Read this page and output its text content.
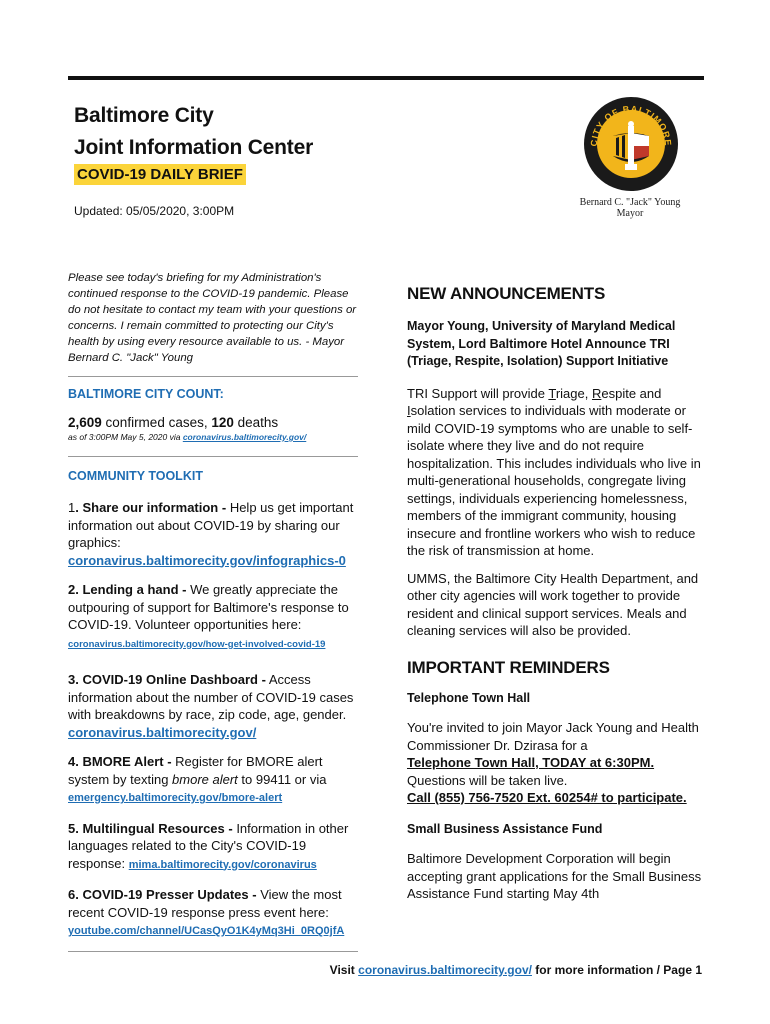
Baltimore City
Joint Information Center
COVID-19 DAILY BRIEF
Updated: 05/05/2020, 3:00PM
CITY OF BALTIMORE
Bernard C. "Jack" Young
Mayor

Please see today's briefing for my Administration's continued response to the COVID-19 pandemic. Please do not hesitate to contact my team with your questions or concerns. I remain committed to protecting our City's health by using every resource available to us. - Mayor Bernard C. "Jack" Young

BALTIMORE CITY COUNT:
2,609 confirmed cases, 120 deaths
as of 3:00PM May 5, 2020 via coronavirus.baltimorecity.gov/
COMMUNITY TOOLKIT
1. Share our information - Help us get important information out about COVID-19 by sharing our graphics:
coronavirus.baltimorecity.gov/infographics-0
2. Lending a hand - We greatly appreciate the outpouring of support for Baltimore's response to COVID-19. Volunteer opportunities here:
coronavirus.baltimorecity.gov/how-get-involved-covid-19
3. COVID-19 Online Dashboard - Access information about the number of COVID-19 cases with breakdowns by race, zip code, age, gender. coronavirus.baltimorecity.gov/
4. BMORE Alert - Register for BMORE alert system by texting bmore alert to 99411 or via
emergency.baltimorecity.gov/bmore-alert
5. Multilingual Resources - Information in other languages related to the City's COVID-19 response: mima.baltimorecity.gov/coronavirus
6. COVID-19 Presser Updates - View the most recent COVID-19 response press event here:
youtube.com/channel/UCasQyO1K4yMq3Hi_0RQ0jfA
NEW ANNOUNCEMENTS
Mayor Young, University of Maryland Medical System, Lord Baltimore Hotel Announce TRI (Triage, Respite, Isolation) Support Initiative
TRI Support will provide Triage, Respite and Isolation services to individuals with moderate or mild COVID-19 symptoms who are unable to self-isolate where they live and do not require hospitalization. This includes individuals who live in multi-generational households, congregate living settings, individuals experiencing homelessness, members of the immigrant community, housing insecure and frontline workers who wish to reduce the risk of transmission at home.
UMMS, the Baltimore City Health Department, and other city agencies will work together to provide resident and clinical support services. Meals and cleaning services will also be provided.
IMPORTANT REMINDERS
Telephone Town Hall
You're invited to join Mayor Jack Young and Health Commissioner Dr. Dzirasa for a
Telephone Town Hall, TODAY at 6:30PM.
Questions will be taken live.
Call (855) 756-7520 Ext. 60254# to participate.
Small Business Assistance Fund
Baltimore Development Corporation will begin accepting grant applications for the Small Business Assistance Fund starting May 4th
Visit coronavirus.baltimorecity.gov/ for more information / Page 1
